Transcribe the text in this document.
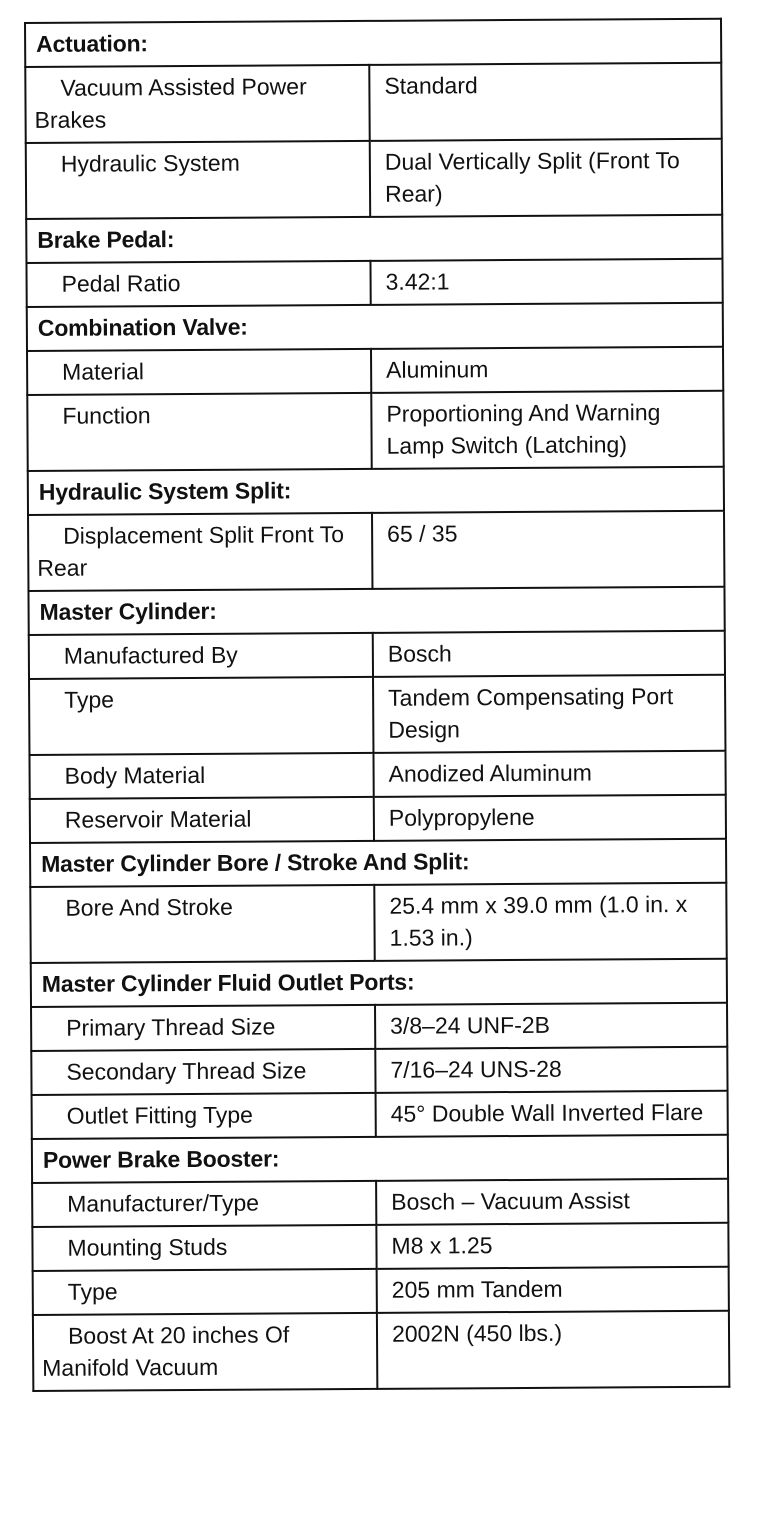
Actuation:	

Vacuum Assisted Power Brakes	Standard

Hydraulic System	Dual Vertically Split (Front To Rear)

Brake Pedal:	

Pedal Ratio	3.42:1

Combination Valve:	

Material	Aluminum

Function	Proportioning And Warning Lamp Switch (Latching)

Hydraulic System Split:	

Displacement Split Front To Rear	65 / 35

Master Cylinder:	

Manufactured By	Bosch

Type	Tandem Compensating Port Design

Body Material	Anodized Aluminum

Reservoir Material	Polypropylene

Master Cylinder Bore / Stroke And Split:	

Bore And Stroke	25.4 mm x 39.0 mm (1.0 in. x 1.53 in.)

Master Cylinder Fluid Outlet Ports:	

Primary Thread Size	3/8–24 UNF-2B

Secondary Thread Size	7/16–24 UNS-28

Outlet Fitting Type	45° Double Wall Inverted Flare

Power Brake Booster:	

Manufacturer/Type	Bosch – Vacuum Assist

Mounting Studs	M8 x 1.25

Type	205 mm Tandem

Boost At 20 inches Of Manifold Vacuum	2002N (450 lbs.)
